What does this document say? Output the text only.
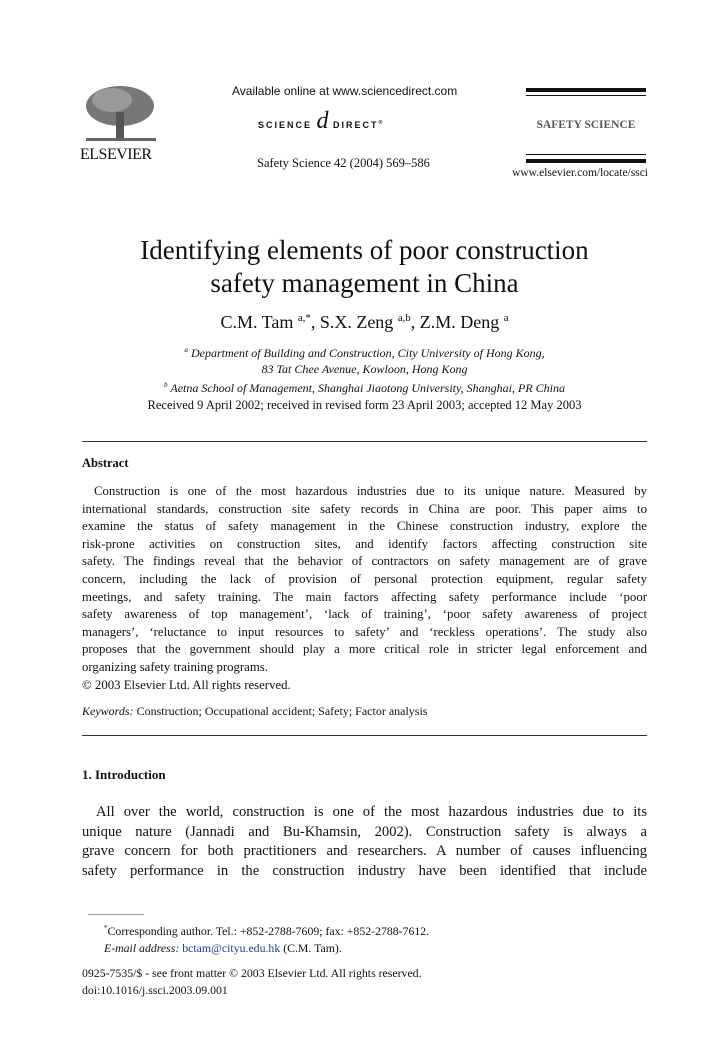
ELSEVIER
Available online at www.sciencedirect.com
SCIENCE d DIRECT®
Safety Science 42 (2004) 569–586
SAFETY SCIENCE
www.elsevier.com/locate/ssci
Identifying elements of poor construction
safety management in China
C.M. Tam $^{a,*}$, S.X. Zeng $^{a,b}$, Z.M. Deng $^a$
$^a$ Department of Building and Construction, City University of Hong Kong,
83 Tat Chee Avenue, Kowloon, Hong Kong
$^b$ Aetna School of Management, Shanghai Jiaotong University, Shanghai, PR China
Received 9 April 2002; received in revised form 23 April 2003; accepted 12 May 2003
Abstract
Construction is one of the most hazardous industries due to its unique nature. Measured by
international standards, construction site safety records in China are poor. This paper aims to
examine the status of safety management in the Chinese construction industry, explore the
risk-prone activities on construction sites, and identify factors affecting construction site
safety. The findings reveal that the behavior of contractors on safety management are of grave
concern, including the lack of provision of personal protection equipment, regular safety
meetings, and safety training. The main factors affecting safety performance include ‘poor
safety awareness of top management’, ‘lack of training’, ‘poor safety awareness of project
managers’, ‘reluctance to input resources to safety’ and ‘reckless operations’. The study also
proposes that the government should play a more critical role in stricter legal enforcement and
organizing safety training programs.
© 2003 Elsevier Ltd. All rights reserved.
Keywords: Construction; Occupational accident; Safety; Factor analysis
1. Introduction
All over the world, construction is one of the most hazardous industries due to its
unique nature (Jannadi and Bu-Khamsin, 2002). Construction safety is always a
grave concern for both practitioners and researchers. A number of causes influencing
safety performance in the construction industry have been identified that include
*Corresponding author. Tel.: +852-2788-7609; fax: +852-2788-7612.
E-mail address: bctam@cityu.edu.hk (C.M. Tam).
0925-7535/$ - see front matter © 2003 Elsevier Ltd. All rights reserved.
doi:10.1016/j.ssci.2003.09.001
